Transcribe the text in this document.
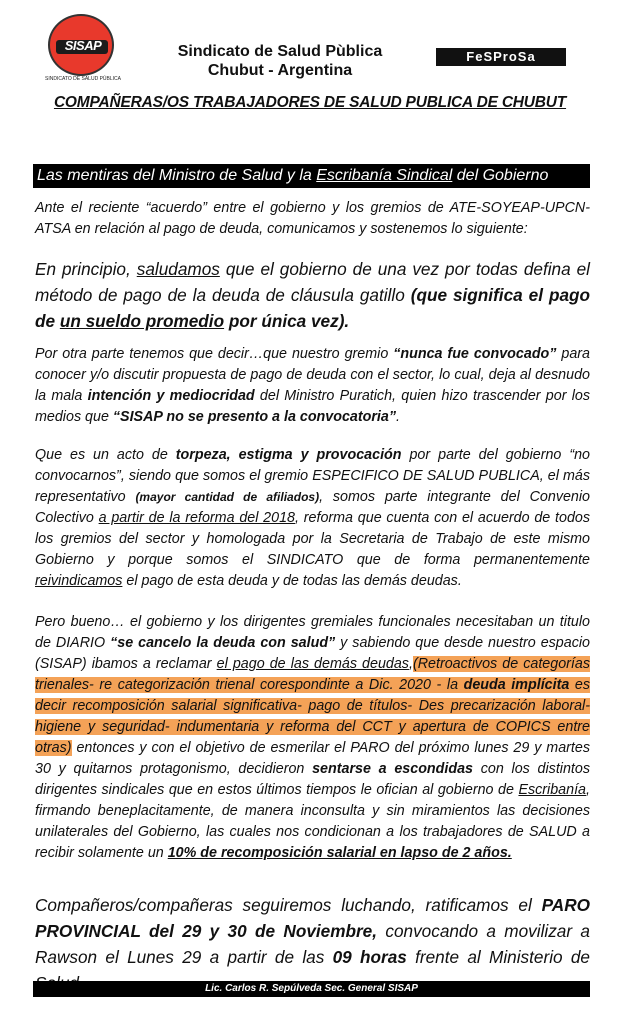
SISAP
SINDICATO DE SALUD PÚBLICA
Sindicato de Salud Pùblica
Chubut - Argentina
FeSProSa
COMPAÑERAS/OS TRABAJADORES DE SALUD PUBLICA DE CHUBUT
Las mentiras del Ministro de Salud y la Escribanía Sindical del Gobierno
Ante el reciente “acuerdo” entre el gobierno y los gremios de ATE-SOYEAP-UPCN-ATSA en relación al pago de deuda, comunicamos y sostenemos lo siguiente:
En principio, saludamos que el gobierno de una vez por todas defina el método de pago de la deuda de cláusula gatillo (que significa el pago de un sueldo promedio por única vez).
Por otra parte tenemos que decir…que nuestro gremio “nunca fue convocado” para conocer y/o discutir propuesta de pago de deuda con el sector, lo cual, deja al desnudo la mala intención y mediocridad del Ministro Puratich, quien hizo trascender por los medios que “SISAP no se presento a la convocatoria”.
Que es un acto de torpeza, estigma y provocación por parte del gobierno “no convocarnos”, siendo que somos el gremio ESPECIFICO DE SALUD PUBLICA, el más representativo (mayor cantidad de afiliados), somos parte integrante del Convenio Colectivo a partir de la reforma del 2018, reforma que cuenta con el acuerdo de todos los gremios del sector y homologada por la Secretaria de Trabajo de este mismo Gobierno y porque somos el SINDICATO que de forma permanentemente reivindicamos el pago de esta deuda y de todas las demás deudas.
Pero bueno… el gobierno y los dirigentes gremiales funcionales necesitaban un titulo de DIARIO “se cancelo la deuda con salud” y sabiendo que desde nuestro espacio (SISAP) ibamos a reclamar el pago de las demás deudas,(Retroactivos de categorías trienales- re categorización trienal corespondinte a Dic. 2020 - la deuda implícita es decir recomposición salarial significativa- pago de títulos- Des precarización laboral- higiene y seguridad- indumentaria y reforma del CCT y apertura de COPICS entre otras) entonces y con el objetivo de esmerilar el PARO del próximo lunes 29 y martes 30 y quitarnos protagonismo, decidieron sentarse a escondidas con los distintos dirigentes sindicales que en estos últimos tiempos le ofician al gobierno de Escribanía, firmando beneplacitamente, de manera inconsulta y sin miramientos las decisiones unilaterales del Gobierno, las cuales nos condicionan a los trabajadores de SALUD a recibir solamente un 10% de recomposición salarial en lapso de 2 años.
Compañeros/compañeras seguiremos luchando, ratificamos el PARO PROVINCIAL del 29 y 30 de Noviembre, convocando a movilizar a Rawson el Lunes 29 a partir de las 09 horas frente al Ministerio de
Lic. Carlos R. Sepúlveda Sec. General SISAP
